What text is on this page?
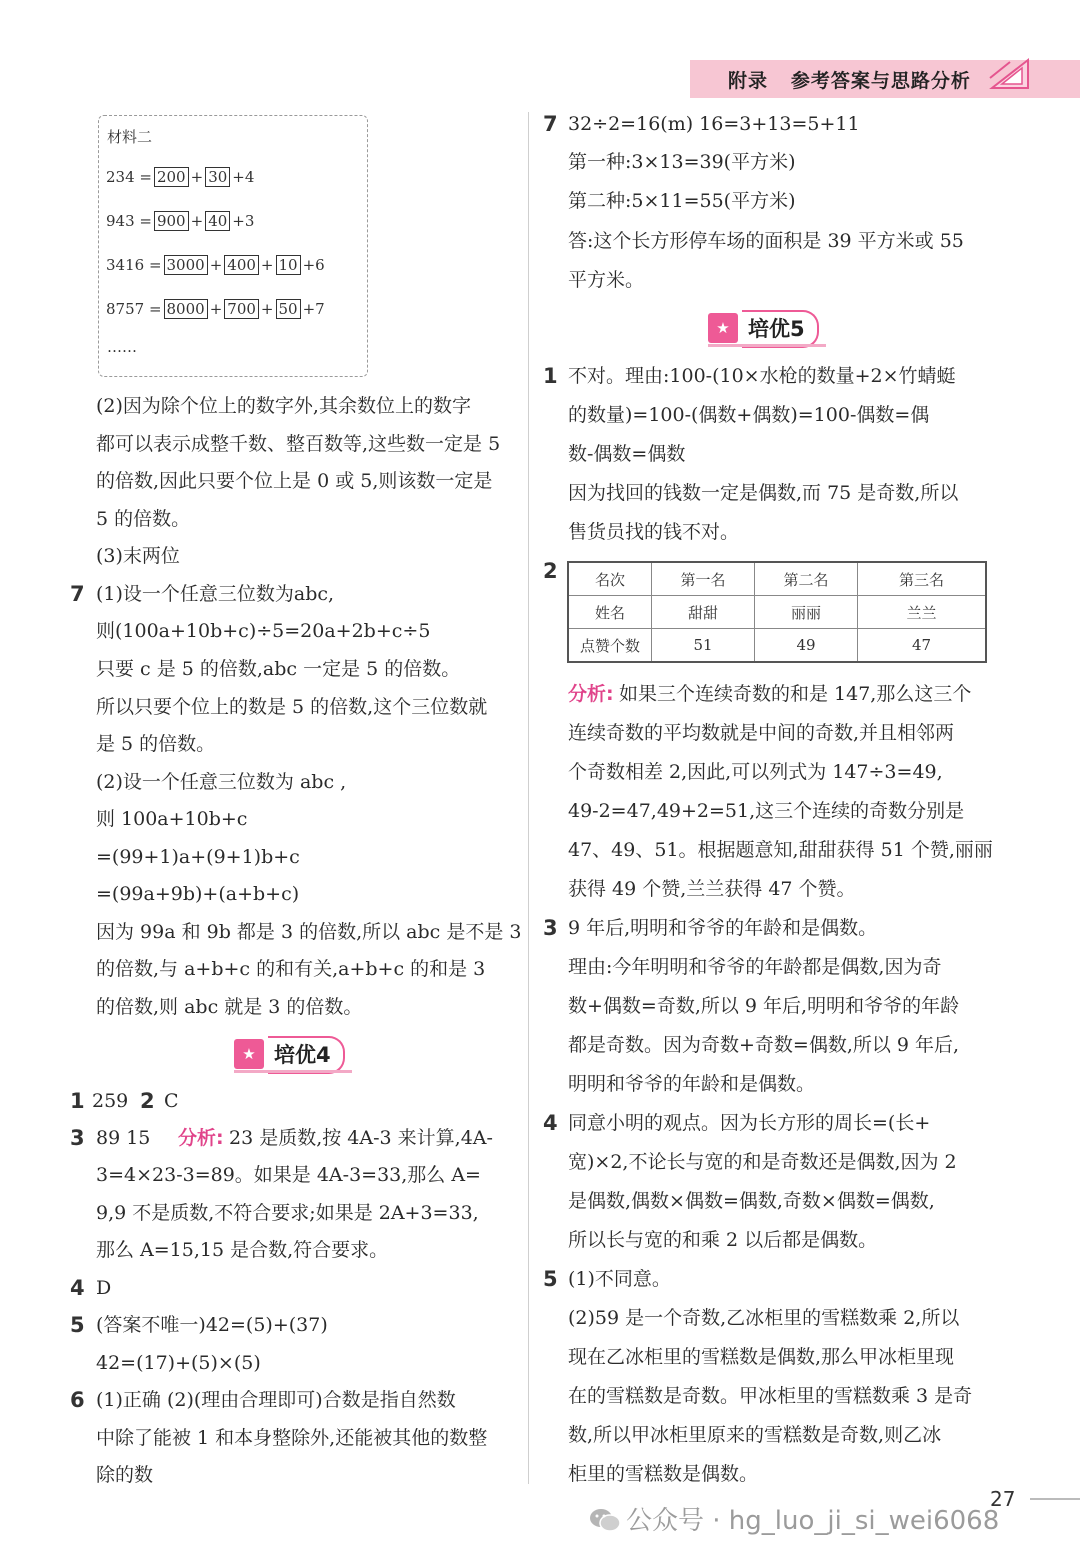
附录   参考答案与思路分析
材料二
234 = 200 + 30 +4
943 = 900 + 40 +3
3416 = 3000 + 400 + 10 +6
8757 = 8000 + 700 + 50 +7
……
(2)因为除个位上的数字外,其余数位上的数字
都可以表示成整千数、整百数等,这些数一定是 5
的倍数,因此只要个位上是 0 或 5,则该数一定是
5 的倍数。
(3)末两位
7 (1)设一个任意三位数为abc,
则(100a+10b+c)÷5=20a+2b+c÷5
只要 c 是 5 的倍数,abc 一定是 5 的倍数。
所以只要个位上的数是 5 的倍数,这个三位数就
是 5 的倍数。
(2)设一个任意三位数为 abc ,
则 100a+10b+c
=(99+1)a+(9+1)b+c
=(99a+9b)+(a+b+c)
因为 99a 和 9b 都是 3 的倍数,所以 abc 是不是 3
的倍数,与 a+b+c 的和有关,a+b+c 的和是 3
的倍数,则 abc 就是 3 的倍数。
★ 培优4
1 259 2 C
3 89 15 分析: 23 是质数,按 4A-3 来计算,4A-
3=4×23-3=89。如果是 4A-3=33,那么 A=
9,9 不是质数,不符合要求;如果是 2A+3=33,
那么 A=15,15 是合数,符合要求。
4 D
5 (答案不唯一)42=(5)+(37)
42=(17)+(5)×(5)
6 (1)正确 (2)(理由合理即可)合数是指自然数
中除了能被 1 和本身整除外,还能被其他的数整
除的数
7 32÷2=16(m) 16=3+13=5+11
第一种:3×13=39(平方米)
第二种:5×11=55(平方米)
答:这个长方形停车场的面积是 39 平方米或 55
平方米。
★ 培优5
1 不对。理由:100-(10×水枪的数量+2×竹蜻蜓
的数量)=100-(偶数+偶数)=100-偶数=偶
数-偶数=偶数
因为找回的钱数一定是偶数,而 75 是奇数,所以
售货员找的钱不对。
2 名次	第一名	第二名	第三名
姓名	甜甜	丽丽	兰兰
点赞个数	51	49	47
分析: 如果三个连续奇数的和是 147,那么这三个
连续奇数的平均数就是中间的奇数,并且相邻两
个奇数相差 2,因此,可以列式为 147÷3=49,
49-2=47,49+2=51,这三个连续的奇数分别是
47、49、51。根据题意知,甜甜获得 51 个赞,丽丽
获得 49 个赞,兰兰获得 47 个赞。
3 9 年后,明明和爷爷的年龄和是偶数。
理由:今年明明和爷爷的年龄都是偶数,因为奇
数+偶数=奇数,所以 9 年后,明明和爷爷的年龄
都是奇数。因为奇数+奇数=偶数,所以 9 年后,
明明和爷爷的年龄和是偶数。
4 同意小明的观点。因为长方形的周长=(长+
宽)×2,不论长与宽的和是奇数还是偶数,因为 2
是偶数,偶数×偶数=偶数,奇数×偶数=偶数,
所以长与宽的和乘 2 以后都是偶数。
5 (1)不同意。
(2)59 是一个奇数,乙冰柜里的雪糕数乘 2,所以
现在乙冰柜里的雪糕数是偶数,那么甲冰柜里现
在的雪糕数是奇数。甲冰柜里的雪糕数乘 3 是奇
数,所以甲冰柜里原来的雪糕数是奇数,则乙冰
柜里的雪糕数是偶数。
27
公众号 · hg_luo_ji_si_wei6068
